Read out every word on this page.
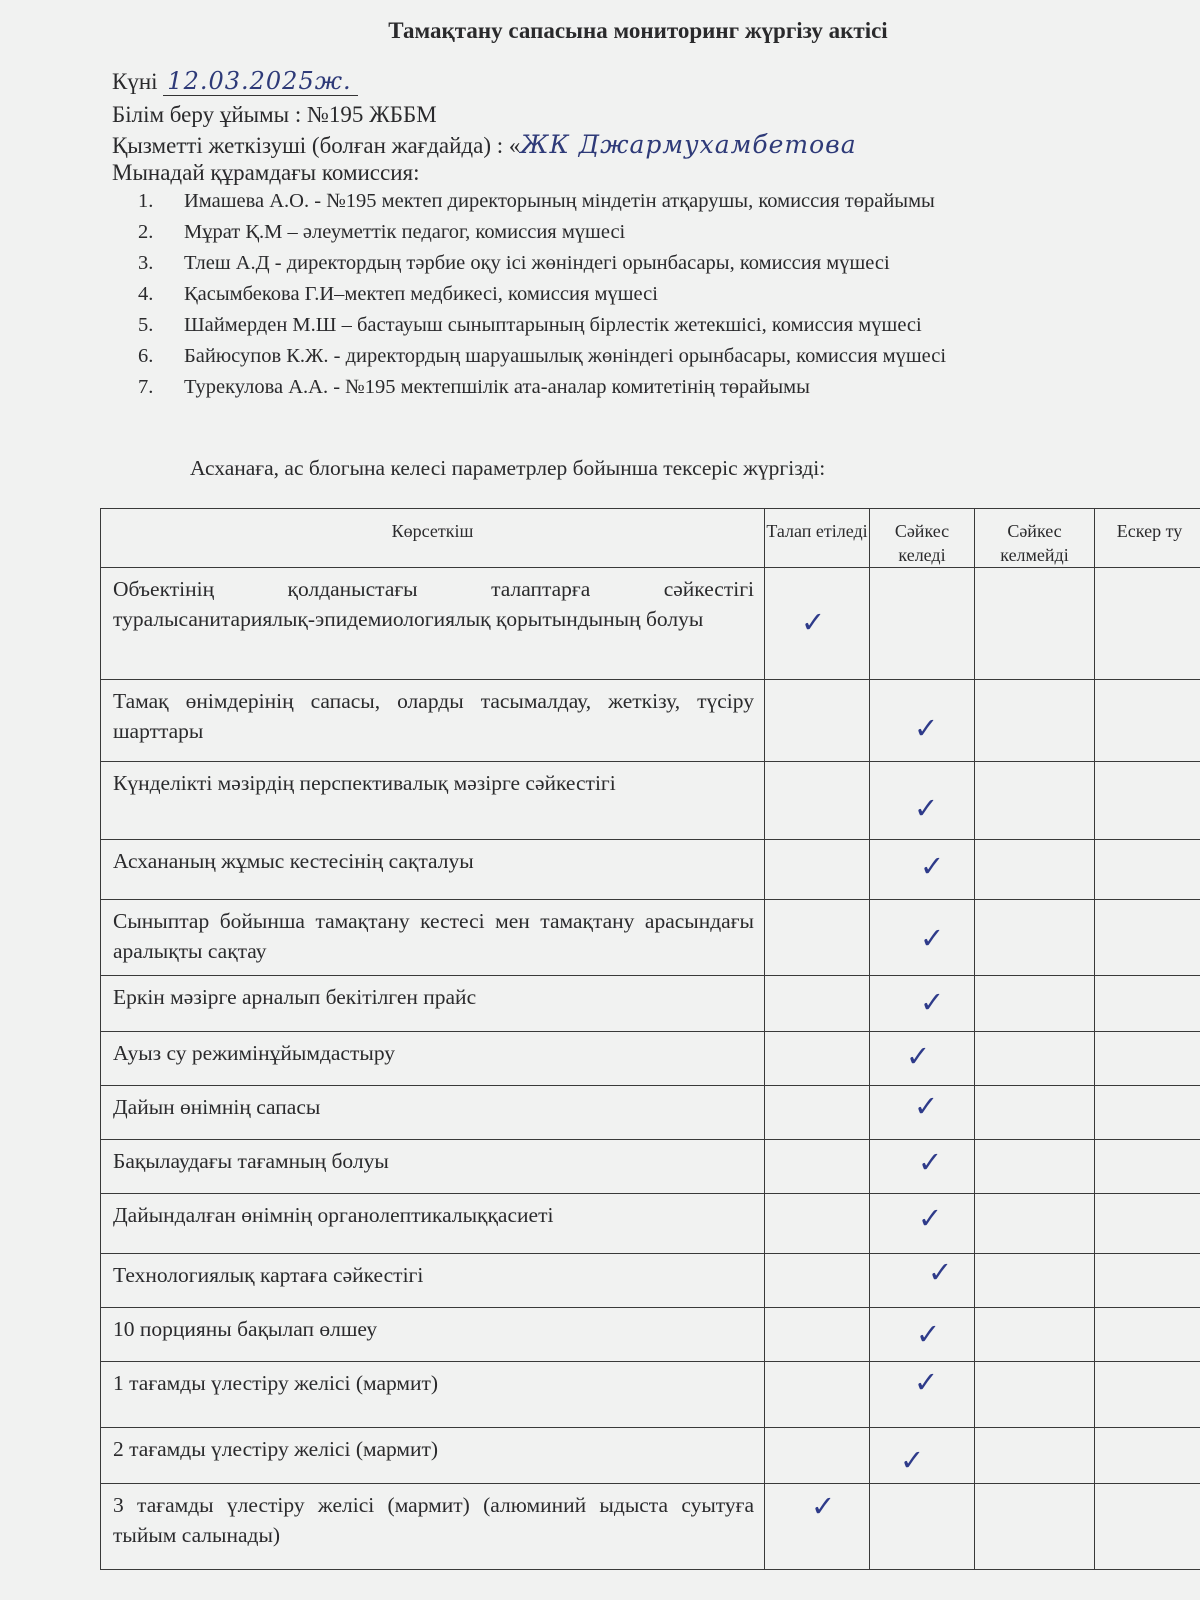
Тамақтану сапасына мониторинг жүргізу актісі
Күні 12.03.2025ж.
Білім беру ұйымы : №195 ЖББМ
Қызметті жеткізуші (болған жағдайда) : «ЖК Джармухамбетова
Мынадай құрамдағы комиссия:
1. Имашева А.О. - №195 мектеп директорының міндетін атқарушы, комиссия төрайымы
2. Мұрат Қ.М – әлеуметтік педагог, комиссия мүшесі
3. Тлеш А.Д - директордың тәрбие оқу ісі жөніндегі орынбасары, комиссия мүшесі
4. Қасымбекова Г.И–мектеп медбикесі, комиссия мүшесі
5. Шаймерден М.Ш – бастауыш сыныптарының бірлестік жетекшісі, комиссия мүшесі
6. Байюсупов К.Ж. - директордың шаруашылық жөніндегі орынбасары, комиссия мүшесі
7. Турекулова А.А. - №195 мектепшілік ата-аналар комитетінің төрайымы
Асханаға, ас блогына келесі параметрлер бойынша тексеріс жүргізді:
Көрсеткіш	Талап етіледі	Сәйкес келеді	Сәйкес келмейді	Ескер ту
Объектінің қолданыстағы талаптарға сәйкестігі туралысанитариялық-эпидемиологиялық қорытындының болуы	✓			

Тамақ өнімдерінің сапасы, оларды тасымалдау, жеткізу, түсіру шарттары		✓		

Күнделікті мәзірдің перспективалық мәзірге сәйкестігі		✓		

Асхананың жұмыс кестесінің сақталуы		✓		

Сыныптар бойынша тамақтану кестесі мен тамақтану арасындағы аралықты сақтау		✓		

Еркін мәзірге арналып бекітілген прайс		✓		

Ауыз су режимінұйымдастыру		✓		

Дайын өнімнің сапасы		✓		

Бақылаудағы тағамның болуы		✓		

Дайындалған өнімнің органолептикалыққасиеті		✓		

Технологиялық картаға сәйкестігі		✓		

10 порцияны бақылап өлшеу		✓		

1 тағамды үлестіру желісі (мармит)		✓		

2 тағамды үлестіру желісі (мармит)		✓		

3 тағамды үлестіру желісі (мармит) (алюминий ыдыста суытуға тыйым салынады)	✓			
